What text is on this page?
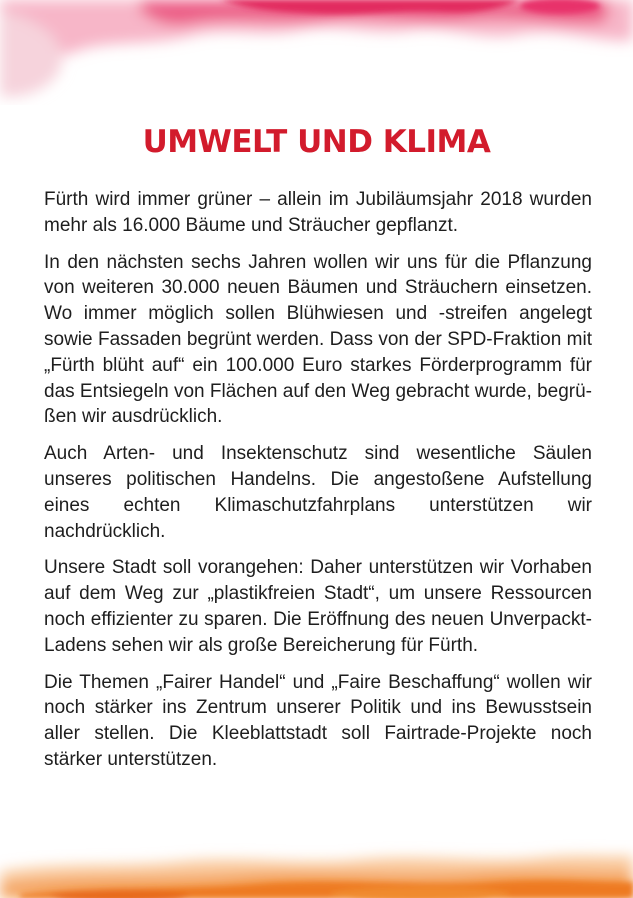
UMWELT UND KLIMA

Fürth wird immer grüner – allein im Jubiläumsjahr 2018 wurden mehr als 16.000 Bäume und Sträucher gepflanzt.

In den nächsten sechs Jahren wollen wir uns für die Pflanzung von weiteren 30.000 neuen Bäumen und Sträuchern einsetzen. Wo immer möglich sollen Blühwiesen und -streifen angelegt sowie Fassaden begrünt werden. Dass von der SPD-Fraktion mit „Fürth blüht auf“ ein 100.000 Euro starkes Förderprogramm für das Entsiegeln von Flächen auf den Weg gebracht wurde, begrüßen wir ausdrücklich.

Auch Arten- und Insektenschutz sind wesentliche Säulen unseres politischen Handelns. Die angestoßene Aufstellung eines echten Klimaschutzfahrplans unterstützen wir nachdrücklich.

Unsere Stadt soll vorangehen: Daher unterstützen wir Vorhaben auf dem Weg zur „plastikfreien Stadt“, um unsere Ressourcen noch effizienter zu sparen. Die Eröffnung des neuen Unverpackt-Ladens sehen wir als große Bereicherung für Fürth.

Die Themen „Fairer Handel“ und „Faire Beschaffung“ wollen wir noch stärker ins Zentrum unserer Politik und ins Bewusstsein aller stellen. Die Kleeblattstadt soll Fairtrade-Projekte noch stärker unterstützen.
